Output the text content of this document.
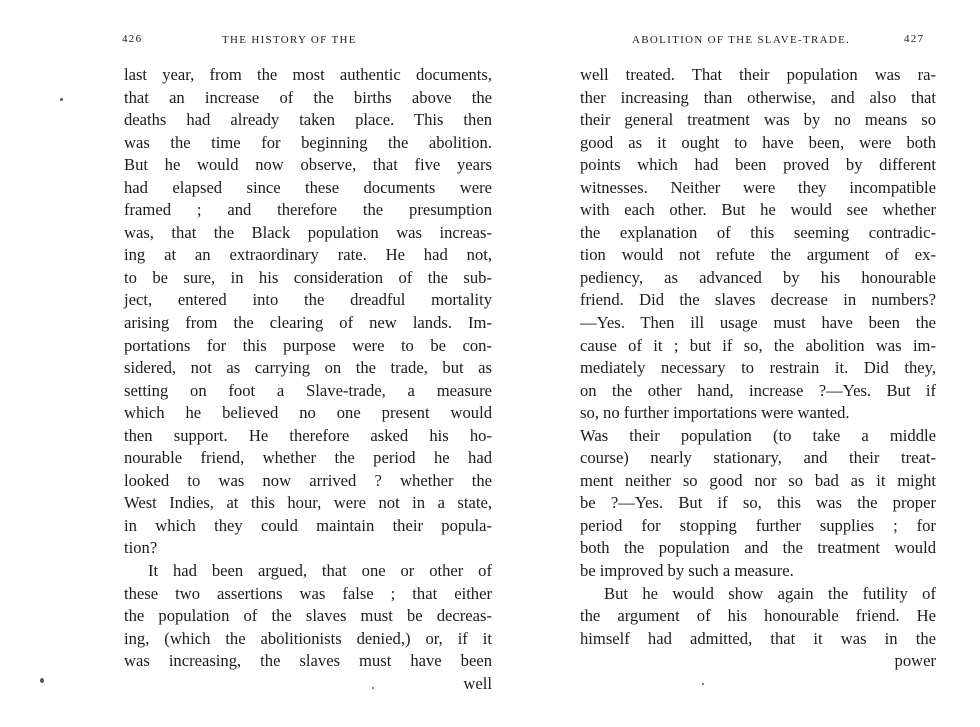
426	THE HISTORY OF THE
last year, from the most authentic documents,
that an increase of the births above the
deaths had already taken place. This then
was the time for beginning the abolition.
But he would now observe, that five years
had elapsed since these documents were
framed ; and therefore the presumption
was, that the Black population was increas-
ing at an extraordinary rate. He had not,
to be sure, in his consideration of the sub-
ject, entered into the dreadful mortality
arising from the clearing of new lands. Im-
portations for this purpose were to be con-
sidered, not as carrying on the trade, but as
setting on foot a Slave-trade, a measure
which he believed no one present would
then support. He therefore asked his ho-
nourable friend, whether the period he had
looked to was now arrived ? whether the
West Indies, at this hour, were not in a state,
in which they could maintain their popula-
tion?
It had been argued, that one or other of
these two assertions was false ; that either
the population of the slaves must be decreas-
ing, (which the abolitionists denied,) or, if it
was increasing, the slaves must have been
well
ABOLITION OF THE SLAVE-TRADE.	427
well treated. That their population was ra-
ther increasing than otherwise, and also that
their general treatment was by no means so
good as it ought to have been, were both
points which had been proved by different
witnesses. Neither were they incompatible
with each other. But he would see whether
the explanation of this seeming contradic-
tion would not refute the argument of ex-
pediency, as advanced by his honourable
friend. Did the slaves decrease in numbers?
—Yes. Then ill usage must have been the
cause of it ; but if so, the abolition was im-
mediately necessary to restrain it. Did they,
on the other hand, increase ?—Yes. But if
so, no further importations were wanted.
Was their population (to take a middle
course) nearly stationary, and their treat-
ment neither so good nor so bad as it might
be ?—Yes. But if so, this was the proper
period for stopping further supplies ; for
both the population and the treatment would
be improved by such a measure.
But he would show again the futility of
the argument of his honourable friend. He
himself had admitted, that it was in the
power
